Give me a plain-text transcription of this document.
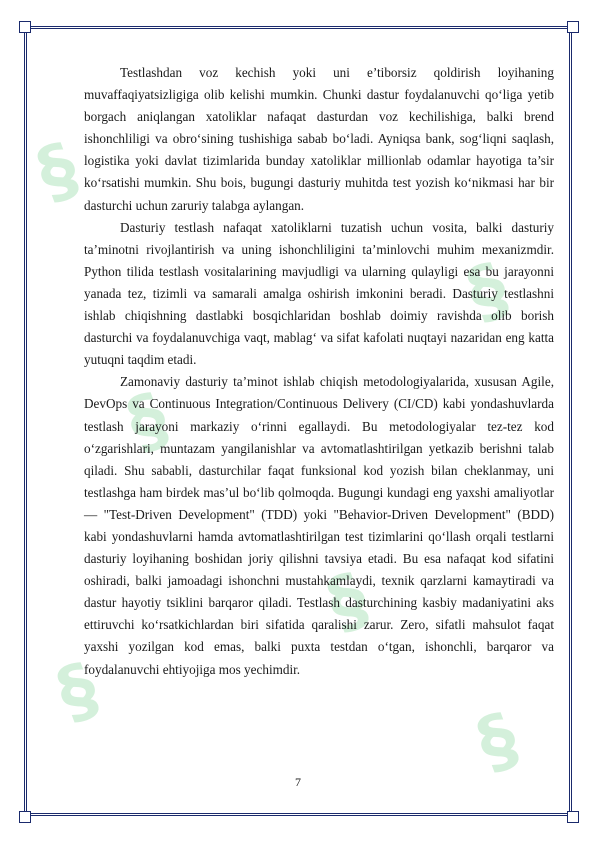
§
§
§
§
§
§

Testlashdan voz kechish yoki uni e’tiborsiz qoldirish loyihaning muvaffaqiyatsizligiga olib kelishi mumkin. Chunki dastur foydalanuvchi qo‘liga yetib borgach aniqlangan xatoliklar nafaqat dasturdan voz kechilishiga, balki brend ishonchliligi va obro‘sining tushishiga sabab bo‘ladi. Ayniqsa bank, sog‘liqni saqlash, logistika yoki davlat tizimlarida bunday xatoliklar millionlab odamlar hayotiga ta’sir ko‘rsatishi mumkin. Shu bois, bugungi dasturiy muhitda test yozish ko‘nikmasi har bir dasturchi uchun zaruriy talabga aylangan.

Dasturiy testlash nafaqat xatoliklarni tuzatish uchun vosita, balki dasturiy ta’minotni rivojlantirish va uning ishonchliligini ta’minlovchi muhim mexanizmdir. Python tilida testlash vositalarining mavjudligi va ularning qulayligi esa bu jarayonni yanada tez, tizimli va samarali amalga oshirish imkonini beradi. Dasturiy testlashni ishlab chiqishning dastlabki bosqichlaridan boshlab doimiy ravishda olib borish dasturchi va foydalanuvchiga vaqt, mablag‘ va sifat kafolati nuqtayi nazaridan eng katta yutuqni taqdim etadi.

Zamonaviy dasturiy ta’minot ishlab chiqish metodologiyalarida, xususan Agile, DevOps va Continuous Integration/Continuous Delivery (CI/CD) kabi yondashuvlarda testlash jarayoni markaziy o‘rinni egallaydi. Bu metodologiyalar tez-tez kod o‘zgarishlari, muntazam yangilanishlar va avtomatlashtirilgan yetkazib berishni talab qiladi. Shu sababli, dasturchilar faqat funksional kod yozish bilan cheklanmay, uni testlashga ham birdek mas’ul bo‘lib qolmoqda. Bugungi kundagi eng yaxshi amaliyotlar — "Test-Driven Development" (TDD) yoki "Behavior-Driven Development" (BDD) kabi yondashuvlarni hamda avtomatlashtirilgan test tizimlarini qo‘llash orqali testlarni dasturiy loyihaning boshidan joriy qilishni tavsiya etadi. Bu esa nafaqat kod sifatini oshiradi, balki jamoadagi ishonchni mustahkamlaydi, texnik qarzlarni kamaytiradi va dastur hayotiy tsiklini barqaror qiladi. Testlash dasturchining kasbiy madaniyatini aks ettiruvchi ko‘rsatkichlardan biri sifatida qaralishi zarur. Zero, sifatli mahsulot faqat yaxshi yozilgan kod emas, balki puxta testdan o‘tgan, ishonchli, barqaror va foydalanuvchi ehtiyojiga mos yechimdir.

7
